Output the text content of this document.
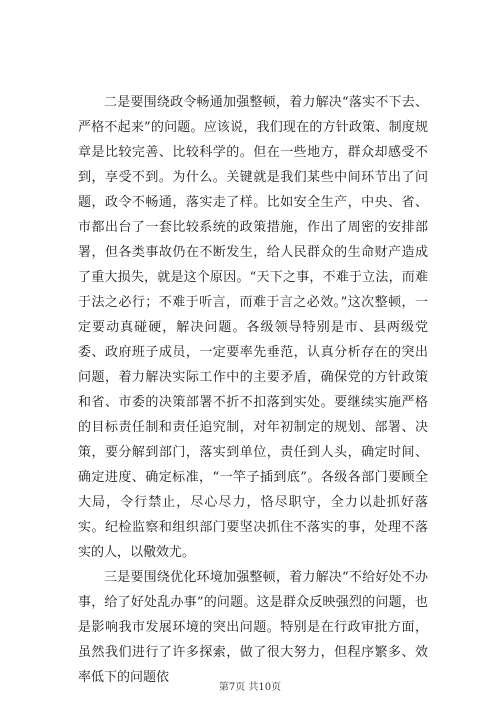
二是要围绕政令畅通加强整顿，着力解决“落实不下去、严格不起来”的问题。应该说，我们现在的方针政策、制度规章是比较完善、比较科学的。但在一些地方，群众却感受不到，享受不到。为什么。关键就是我们某些中间环节出了问题，政令不畅通，落实走了样。比如安全生产，中央、省、市都出台了一套比较系统的政策措施，作出了周密的安排部署，但各类事故仍在不断发生，给人民群众的生命财产造成了重大损失，就是这个原因。“天下之事，不难于立法，而难于法之必行；不难于听言，而难于言之必效。”这次整顿，一定要动真碰硬，解决问题。各级领导特别是市、县两级党委、政府班子成员，一定要率先垂范，认真分析存在的突出问题，着力解决实际工作中的主要矛盾，确保党的方针政策和省、市委的决策部署不折不扣落到实处。要继续实施严格的目标责任制和责任追究制，对年初制定的规划、部署、决策，要分解到部门，落实到单位，责任到人头，确定时间、确定进度、确定标准，“一竿子插到底”。各级各部门要顾全大局，令行禁止，尽心尽力，恪尽职守，全力以赴抓好落实。纪检监察和组织部门要坚决抓住不落实的事，处理不落实的人，以儆效尤。

三是要围绕优化环境加强整顿，着力解决“不给好处不办事，给了好处乱办事”的问题。这是群众反映强烈的问题，也是影响我市发展环境的突出问题。特别是在行政审批方面，虽然我们进行了许多探索，做了很大努力，但程序繁多、效率低下的问题依

第7页 共10页
